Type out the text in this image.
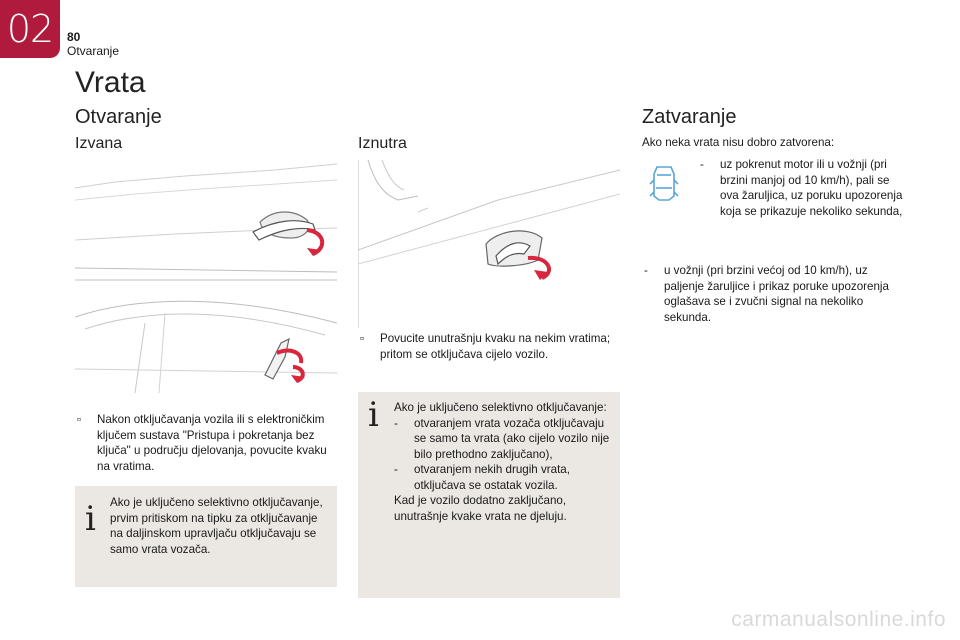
02	80
Otvaranje
Vrata
Otvaranje
Izvana
▫	Nakon otključavanja vozila ili s elektroničkim ključem sustava "Pristupa i pokretanja bez ključa" u području djelovanja, povucite kvaku na vratima.
i Ako je uključeno selektivno otključavanje, prvim pritiskom na tipku za otključavanje na daljinskom upravljaču otključavaju se samo vrata vozača.
Iznutra
▫	Povucite unutrašnju kvaku na nekim vratima; pritom se otključava cijelo vozilo.
i Ako je uključeno selektivno otključavanje:
-	otvaranjem vrata vozača otključavaju se samo ta vrata (ako cijelo vozilo nije bilo prethodno zaključano),
-	otvaranjem nekih drugih vrata, otključava se ostatak vozila.
Kad je vozilo dodatno zaključano, unutrašnje kvake vrata ne djeluju.
Zatvaranje
Ako neka vrata nisu dobro zatvorena:
-	uz pokrenut motor ili u vožnji (pri brzini manjoj od 10 km/h), pali se ova žaruljica, uz poruku upozorenja koja se prikazuje nekoliko sekunda,
-	u vožnji (pri brzini većoj od 10 km/h), uz paljenje žaruljice i prikaz poruke upozorenja oglašava se i zvučni signal na nekoliko sekunda.
carmanualsonline.info
